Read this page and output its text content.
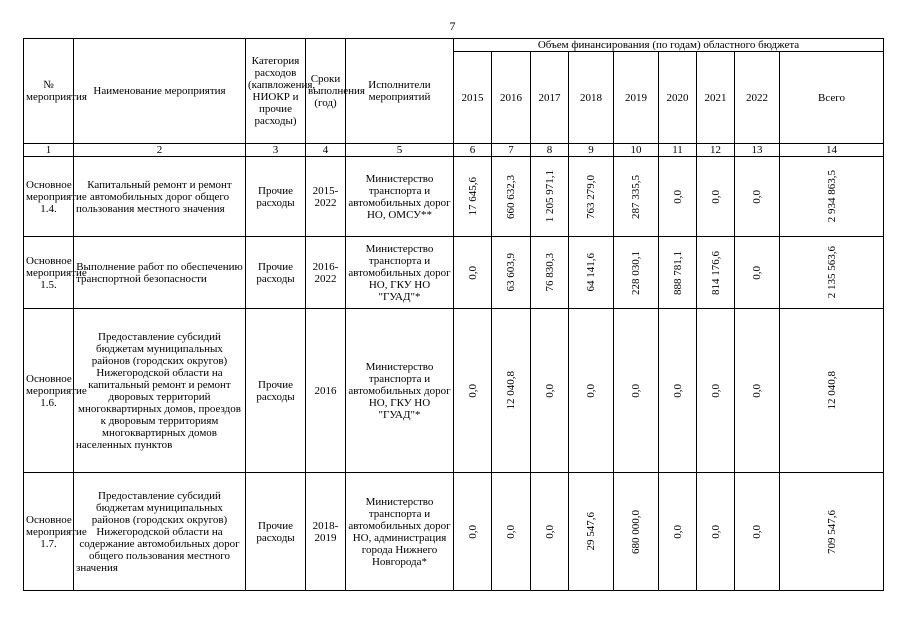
7
№ мероприятия	Наименование мероприятия	Категория расходов (капвложения, НИОКР и прочие расходы)	Сроки выполнения (год)	Исполнители мероприятий	Объем финансирования (по годам) областного бюджета								
					2015	2016	2017	2018	2019	2020	2021	2022	Всего
1	2	3	4	5	6	7	8	9	10	11	12	13	14
Основное мероприятие 1.4.	Капитальный ремонт и ремонт автомобильных дорог общего пользования местного значения	Прочие расходы	2015-2022	Министерство транспорта и автомобильных дорог НО, ОМСУ**	17 645,6	660 632,3	1 205 971,1	763 279,0	287 335,5	0,0	0,0	0,0	2 934 863,5

Основное мероприятие 1.5.	Выполнение работ по обеспечению транспортной безопасности	Прочие расходы	2016-2022	Министерство транспорта и автомобильных дорог НО, ГКУ НО "ГУАД"*	0,0	63 603,9	76 830,3	64 141,6	228 030,1	888 781,1	814 176,6	0,0	2 135 563,6

Основное мероприятие 1.6.	Предоставление субсидий бюджетам муниципальных районов (городских округов) Нижегородской области на капитальный ремонт и ремонт дворовых территорий многоквартирных домов, проездов к дворовым территориям многоквартирных домов населенных пунктов	Прочие расходы	2016	Министерство транспорта и автомобильных дорог НО, ГКУ НО "ГУАД"*	0,0	12 040,8	0,0	0,0	0,0	0,0	0,0	0,0	12 040,8

Основное мероприятие 1.7.	Предоставление субсидий бюджетам муниципальных районов (городских округов) Нижегородской области на содержание автомобильных дорог общего пользования местного значения	Прочие расходы	2018-2019	Министерство транспорта и автомобильных дорог НО, администрация города Нижнего Новгорода*	0,0	0,0	0,0	29 547,6	680 000,0	0,0	0,0	0,0	709 547,6
